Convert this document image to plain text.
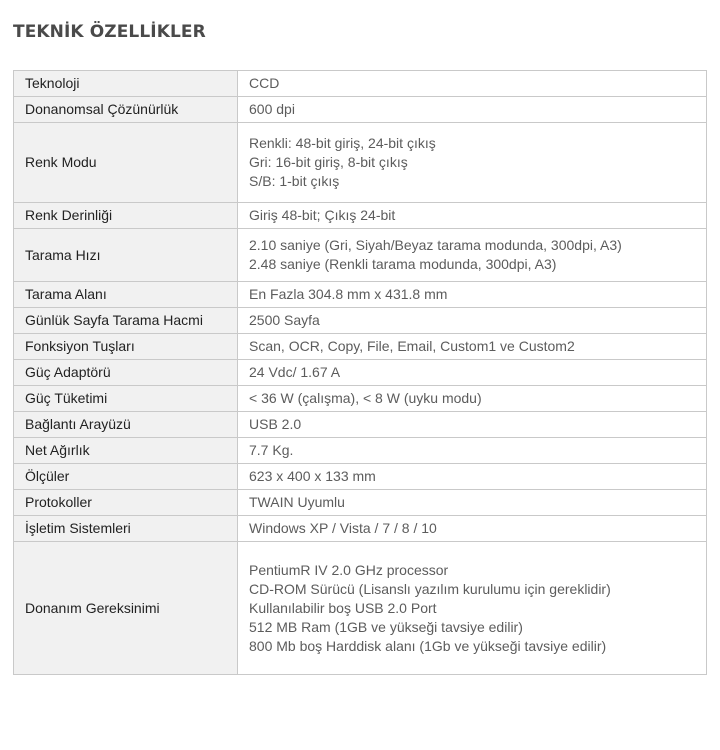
TEKNİK ÖZELLİKLER
Teknoloji	CCD

Donanomsal Çözünürlük	600 dpi

Renk Modu	Renkli: 48-bit giriş, 24-bit çıkış
Gri: 16-bit giriş, 8-bit çıkış
S/B: 1-bit çıkış

Renk Derinliği	Giriş 48-bit; Çıkış 24-bit

Tarama Hızı	2.10 saniye (Gri, Siyah/Beyaz tarama modunda, 300dpi, A3)
2.48 saniye (Renkli tarama modunda, 300dpi, A3)

Tarama Alanı	En Fazla 304.8 mm x 431.8 mm

Günlük Sayfa Tarama Hacmi	2500 Sayfa

Fonksiyon Tuşları	Scan, OCR, Copy, File, Email, Custom1 ve Custom2

Güç Adaptörü	24 Vdc/ 1.67 A

Güç Tüketimi	< 36 W (çalışma), < 8 W (uyku modu)

Bağlantı Arayüzü	USB 2.0

Net Ağırlık	7.7 Kg.

Ölçüler	623 x 400 x 133 mm

Protokoller	TWAIN Uyumlu

İşletim Sistemleri	Windows XP / Vista / 7 / 8 / 10

Donanım Gereksinimi	PentiumR IV 2.0 GHz processor
CD-ROM Sürücü (Lisanslı yazılım kurulumu için gereklidir)
Kullanılabilir boş USB 2.0 Port
512 MB Ram (1GB ve yükseği tavsiye edilir)
800 Mb boş Harddisk alanı (1Gb ve yükseği tavsiye edilir)
